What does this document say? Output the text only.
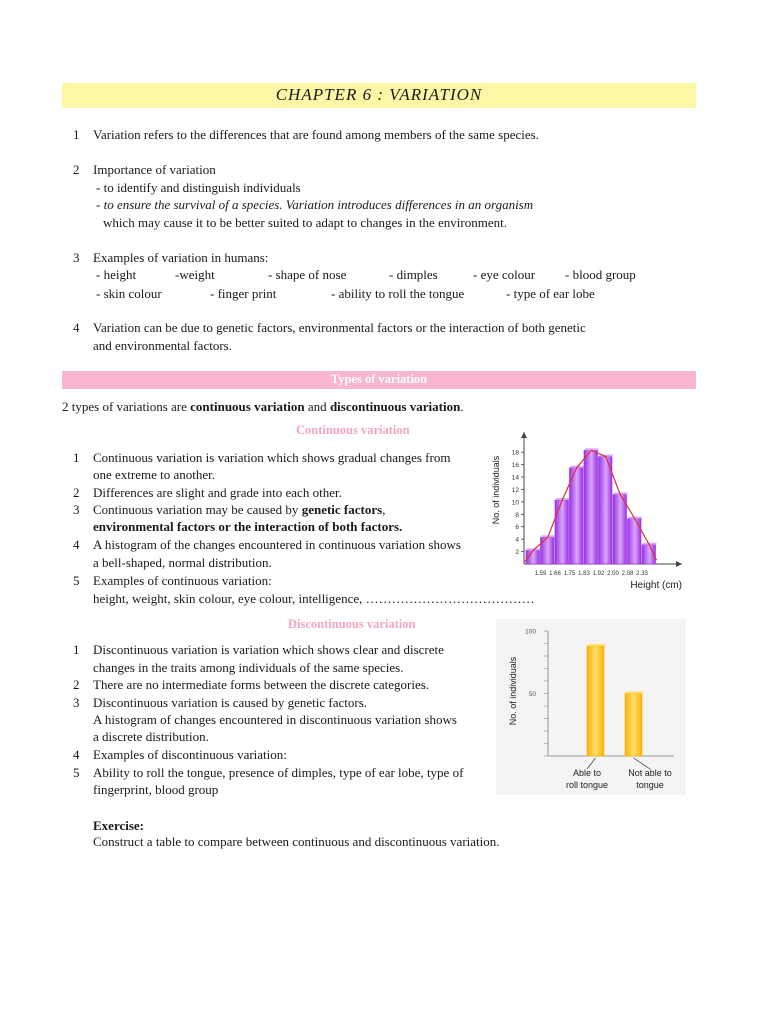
CHAPTER 6 : VARIATION
1	Variation refers to the differences that are found among members of the same species.
2	Importance of variation
- to identify and distinguish individuals
- to ensure the survival of a species. Variation introduces differences in an organism
which may cause it to be better suited to adapt to changes in the environment.
3	Examples of variation in humans:
- height	-weight	- shape of nose	- dimples	- eye colour - blood group
- skin colour	- finger print	- ability to roll the tongue	- type of ear lobe
4	Variation can be due to genetic factors, environmental factors or the interaction of both genetic
and environmental factors.
Types of variation
2 types of variations are continuous variation and discontinuous variation.
Continuous variation
1	Continuous variation is variation which shows gradual changes from
one extreme to another.
2	Differences are slight and grade into each other.
3	Continuous variation may be caused by genetic factors,
environmental factors or the interaction of both factors.
4	A histogram of the changes encountered in continuous variation shows
a bell-shaped, normal distribution.
5	Examples of continuous variation:
height, weight, skin colour, eye colour, intelligence, …………………………………
Discontinuous variation
1	Discontinuous variation is variation which shows clear and discrete
changes in the traits among individuals of the same species.
2	There are no intermediate forms between the discrete categories.
3	Discontinuous variation is caused by genetic factors.
A histogram of changes encountered in discontinuous variation shows
a discrete distribution.
4	Examples of discontinuous variation:
5	Ability to roll the tongue, presence of dimples, type of ear lobe, type of
fingerprint, blood group
Exercise:
Construct a table to compare between continuous and discontinuous variation.
2
4
6
8
10
12
14
16
18
1.59 1.66 1.75 1.83 1.92 2.00 2.08 2.33
No. of individuals
Height (cm)
100
50
Able to
roll tongue
Not able to
tongue
No. of individuals
